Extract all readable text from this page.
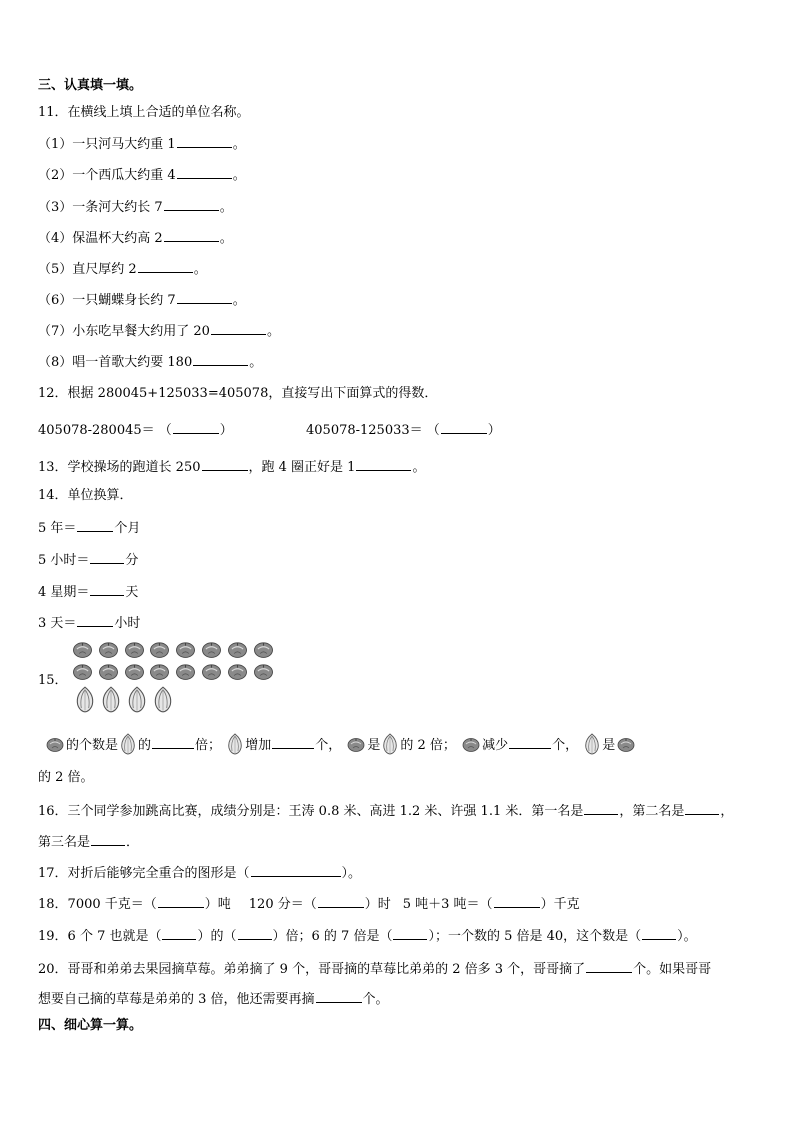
三、认真填一填。
11．在横线上填上合适的单位名称。
（1）一只河马大约重 1	。
（2）一个西瓜大约重 4	。
（3）一条河大约长 7	。
（4）保温杯大约高 2	。
（5）直尺厚约 2	。
（6）一只蝴蝶身长约 7	。
（7）小东吃早餐大约用了 20	。
（8）唱一首歌大约要 180	。
12．根据 280045+125033=405078，直接写出下面算式的得数．
405078-280045＝ （	）	405078-125033＝ （	）
13．学校操场的跑道长 250	，跑 4 圈正好是 1	。
14．单位换算．
5 年＝	个月
5 小时＝	分
4 星期＝	天
3 天＝	小时
15．
的个数是 的	倍； 增加	个， 是 的 2 倍； 减少	个， 是
的 2 倍。
16．三个同学参加跳高比赛，成绩分别是：王涛 0.8 米、高进 1.2 米、许强 1.1 米．第一名是	，第二名是	，
第三名是	．
17．对折后能够完全重合的图形是（	）。
18．7000 千克＝（	）吨 120 分＝（	）时 5 吨＋3 吨＝（	）千克
19．6 个 7 也就是（	）的（	）倍；6 的 7 倍是（	）；一个数的 5 倍是 40，这个数是（	）。
20．哥哥和弟弟去果园摘草莓。弟弟摘了 9 个，哥哥摘的草莓比弟弟的 2 倍多 3 个，哥哥摘了	个。如果哥哥
想要自己摘的草莓是弟弟的 3 倍，他还需要再摘	个。
四、细心算一算。
